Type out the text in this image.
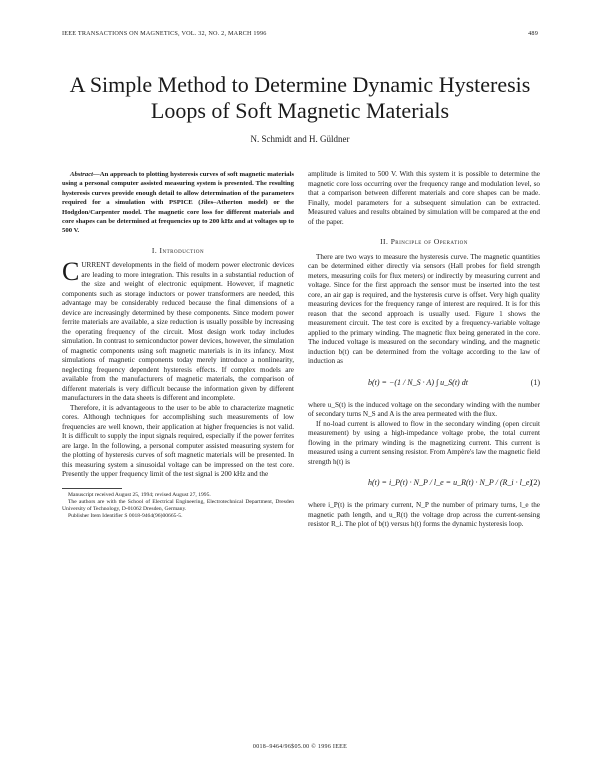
IEEE TRANSACTIONS ON MAGNETICS, VOL. 32, NO. 2, MARCH 1996	489
A Simple Method to Determine Dynamic Hysteresis
Loops of Soft Magnetic Materials
N. Schmidt and H. Güldner

Abstract—An approach to plotting hysteresis curves of soft magnetic materials using a personal computer assisted measuring system is presented. The resulting hysteresis curves provide enough detail to allow determination of the parameters required for a simulation with PSPICE (Jiles–Atherton model) or the Hodgdon/Carpenter model. The magnetic core loss for different materials and core shapes can be determined at frequencies up to 200 kHz and at voltages up to 500 V.

I. Introduction

CURRENT developments in the field of modern power electronic devices are leading to more integration. This results in a substantial reduction of the size and weight of electronic equipment. However, if magnetic components such as storage inductors or power transformers are needed, this advantage may be considerably reduced because the final dimensions of a device are increasingly determined by these components. Since modern power ferrite materials are available, a size reduction is usually possible by increasing the operating frequency of the circuit. Most design work today includes simulation. In contrast to semiconductor power devices, however, the simulation of magnetic components using soft magnetic materials is in its infancy. Most simulations of magnetic components today merely introduce a nonlinearity, neglecting frequency dependent hysteresis effects. If complex models are available from the manufacturers of magnetic materials, the comparison of different materials is very difficult because the information given by different manufacturers in the data sheets is different and incomplete.

Therefore, it is advantageous to the user to be able to characterize magnetic cores. Although techniques for accomplishing such measurements of low frequencies are well known, their application at higher frequencies is not valid. It is difficult to supply the input signals required, especially if the power ferrites are large. In the following, a personal computer assisted measuring system for the plotting of hysteresis curves of soft magnetic materials will be presented. In this measuring system a sinusoidal voltage can be impressed on the test core. Presently the upper frequency limit of the test signal is 200 kHz and the

Manuscript received August 25, 1994; revised August 27, 1995.

The authors are with the School of Electrical Engineering, Electrotechnical Department, Dresden University of Technology, D-01062 Dresden, Germany.

Publisher Item Identifier S 0018-9464(96)00665-5.

amplitude is limited to 500 V. With this system it is possible to determine the magnetic core loss occurring over the frequency range and modulation level, so that a comparison between different materials and core shapes can be made. Finally, model parameters for a subsequent simulation can be extracted. Measured values and results obtained by simulation will be compared at the end of the paper.

II. Principle of Operation

There are two ways to measure the hysteresis curve. The magnetic quantities can be determined either directly via sensors (Hall probes for field strength meters, measuring coils for flux meters) or indirectly by measuring current and voltage. Since for the first approach the sensor must be inserted into the test core, an air gap is required, and the hysteresis curve is offset. Very high quality measuring devices for the frequency range of interest are required. It is for this reason that the second approach is usually used. Figure 1 shows the measurement circuit. The test core is excited by a frequency-variable voltage applied to the primary winding. The magnetic flux being generated in the core. The induced voltage is measured on the secondary winding, and the magnetic induction b(t) can be determined from the voltage according to the law of induction as

b(t) = −(1 / N_S · A) ∫ u_S(t) dt	(1)

where u_S(t) is the induced voltage on the secondary winding with the number of secondary turns N_S and A is the area permeated with the flux.

If no-load current is allowed to flow in the secondary winding (open circuit measurement) by using a high-impedance voltage probe, the total current flowing in the primary winding is the magnetizing current. This current is measured using a current sensing resistor. From Ampère's law the magnetic field strength h(t) is

h(t) = i_P(t) · N_P / l_e = u_R(t) · N_P / (R_i · l_e)
(2)

where i_P(t) is the primary current, N_P the number of primary turns, l_e the magnetic path length, and u_R(t) the voltage drop across the current-sensing resistor R_i. The plot of b(t) versus h(t) forms the dynamic hysteresis loop.

0018–9464/96$05.00 © 1996 IEEE
